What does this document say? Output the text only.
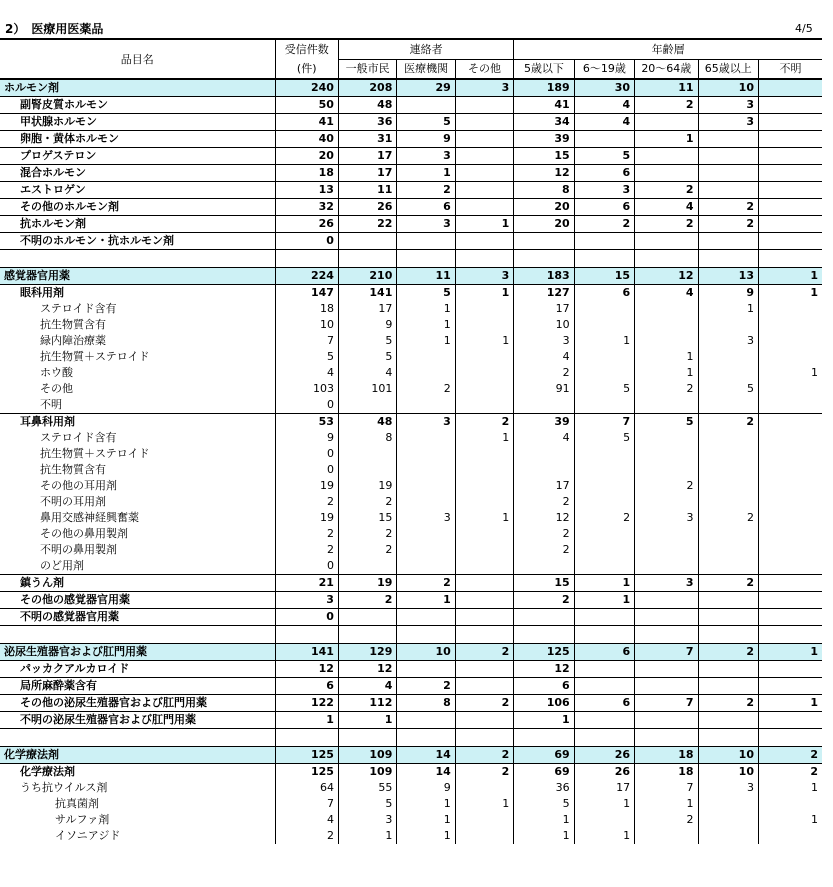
2）　医療用医薬品	4/5
品目名	受信件数	連絡者			年齢層				
	(件)	一般市民	医療機関	その他	5歳以下	6～19歳	20～64歳	65歳以上	不明
ホルモン剤	240	208	29	3	189	30	11	10	
副腎皮質ホルモン	50	48			41	4	2	3	
甲状腺ホルモン	41	36	5		34	4		3	
卵胞・黄体ホルモン	40	31	9		39		1		
プロゲステロン	20	17	3		15	5			
混合ホルモン	18	17	1		12	6			
エストロゲン	13	11	2		8	3	2		
その他のホルモン剤	32	26	6		20	6	4	2	
抗ホルモン剤	26	22	3	1	20	2	2	2	
不明のホルモン・抗ホルモン剤	0								

感覚器官用薬	224	210	11	3	183	15	12	13	1
眼科用剤	147	141	5	1	127	6	4	9	1
ステロイド含有	18	17	1		17			1	
抗生物質含有	10	9	1		10				
緑内障治療薬	7	5	1	1	3	1		3	
抗生物質＋ステロイド	5	5			4		1		
ホウ酸	4	4			2		1		1
その他	103	101	2		91	5	2	5	
不明	0								
耳鼻科用剤	53	48	3	2	39	7	5	2	
ステロイド含有	9	8		1	4	5			
抗生物質＋ステロイド	0								
抗生物質含有	0								
その他の耳用剤	19	19			17		2		
不明の耳用剤	2	2			2				
鼻用交感神経興奮薬	19	15	3	1	12	2	3	2	
その他の鼻用製剤	2	2			2				
不明の鼻用製剤	2	2			2				
のど用剤	0								
鎮うん剤	21	19	2		15	1	3	2	
その他の感覚器官用薬	3	2	1		2	1			
不明の感覚器官用薬	0								

泌尿生殖器官および肛門用薬	141	129	10	2	125	6	7	2	1
パッカクアルカロイド	12	12			12				
局所麻酔薬含有	6	4	2		6				
その他の泌尿生殖器官および肛門用薬	122	112	8	2	106	6	7	2	1
不明の泌尿生殖器官および肛門用薬	1	1			1				

化学療法剤	125	109	14	2	69	26	18	10	2
化学療法剤	125	109	14	2	69	26	18	10	2
うち抗ウイルス剤	64	55	9		36	17	7	3	1
抗真菌剤	7	5	1	1	5	1	1		
サルファ剤	4	3	1		1		2		1
イソニアジド	2	1	1		1	1			
